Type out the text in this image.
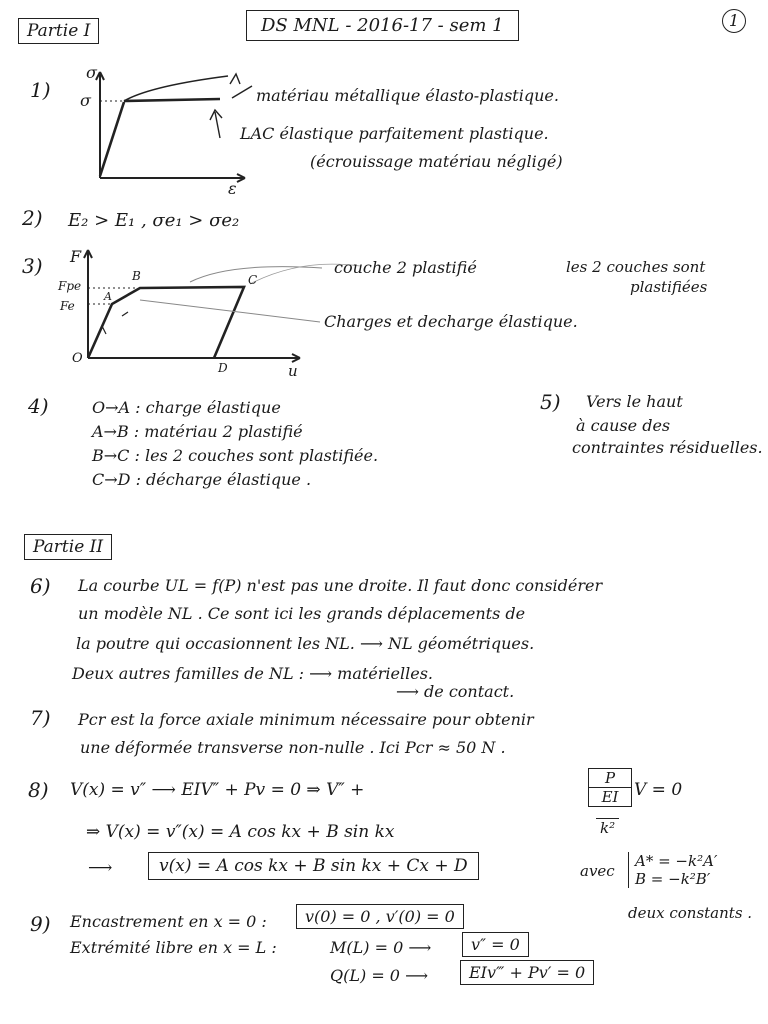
Partie I	DS MNL - 2016-17 - sem 1	1
1)
σ
σ
ε
matériau métallique élasto-plastique.
LAC élastique parfaitement plastique.
(écrouissage matériau négligé)
2) E₂ > E₁ , σe₁ > σe₂
3) F
Fpe
Fe
O
A
B	C
D	u
couche 2 plastifié	les 2 couches sont
plastifiées
Charges et decharge élastique.
4)	O→A : charge élastique
A→B : matériau 2 plastifié
B→C : les 2 couches sont plastifiée.
C→D : décharge élastique .
5) Vers le haut
à cause des
contraintes résiduelles.
Partie II
6) La courbe UL = f(P) n'est pas une droite. Il faut donc considérer
un modèle NL . Ce sont ici les grands déplacements de
la poutre qui occasionnent les NL. ⟶ NL géométriques.
Deux autres familles de NL : ⟶ matérielles.
⟶ de contact.
7) Pcr est la force axiale minimum nécessaire pour obtenir
une déformée transverse non-nulle . Ici Pcr ≈ 50 N .
8) V(x) = v″ ⟶ EIV″ + Pv = 0 ⇒ V″ +	$\frac{P}{EI}$
k²
V = 0
⇒ V(x) = v″(x) = A cos kx + B sin kx
⟶	v(x) = A cos kx + B sin kx + Cx + D	avec
A* = −k²A′
B = −k²B′
deux constants .
9) Encastrement en x = 0 :	v(0) = 0 , v′(0) = 0
Extrémité libre en x = L :	M(L) = 0 ⟶	v″ = 0
Q(L) = 0 ⟶	EIv‴ + Pv′ = 0
